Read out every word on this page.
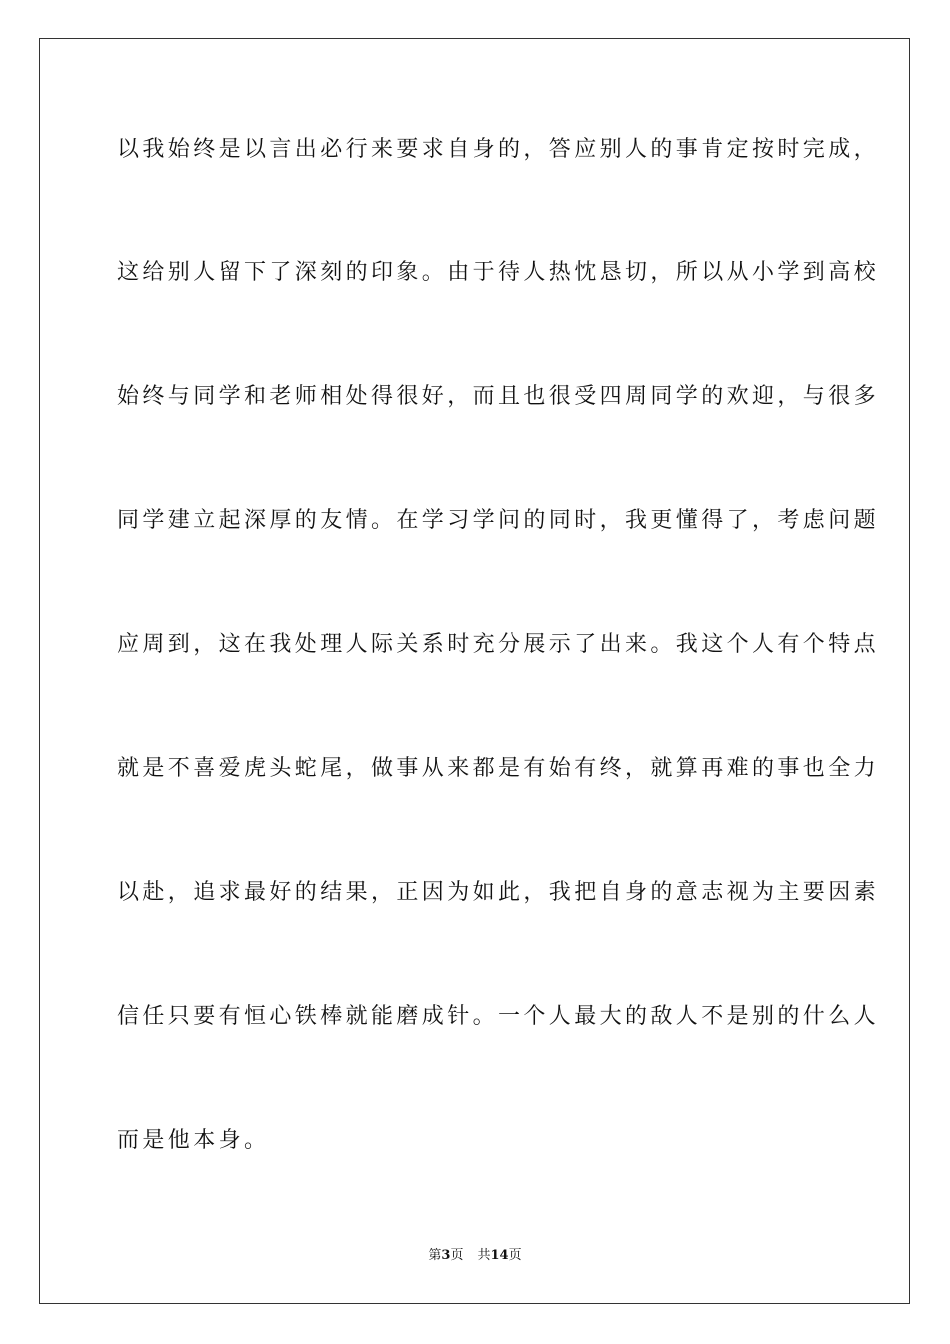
以我始终是以言出必行来要求自身的，答应别人的事肯定按时完成，
这给别人留下了深刻的印象。由于待人热忱恳切，所以从小学到高校
始终与同学和老师相处得很好，而且也很受四周同学的欢迎，与很多
同学建立起深厚的友情。在学习学问的同时，我更懂得了，考虑问题
应周到，这在我处理人际关系时充分展示了出来。我这个人有个特点
就是不喜爱虎头蛇尾，做事从来都是有始有终，就算再难的事也全力
以赴，追求最好的结果，正因为如此，我把自身的意志视为主要因素
信任只要有恒心铁棒就能磨成针。一个人最大的敌人不是别的什么人
而是他本身。
第3页 共14页
